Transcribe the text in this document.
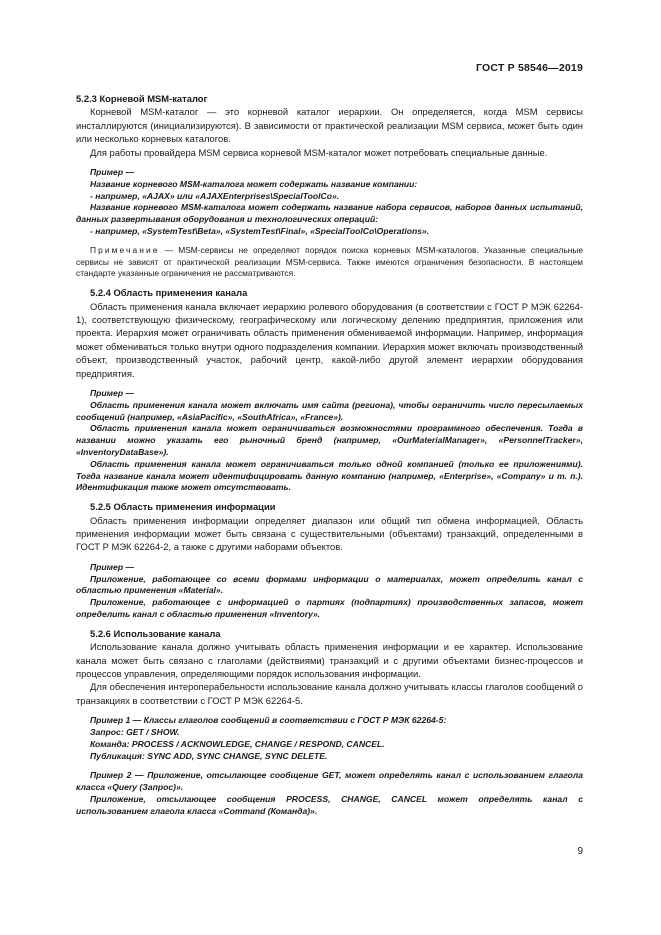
ГОСТ Р 58546—2019

5.2.3 Корневой MSM-каталог

Корневой MSM-каталог — это корневой каталог иерархии. Он определяется, когда MSM сервисы инсталлируются (инициализируются). В зависимости от практической реализации MSM сервиса, может быть один или несколько корневых каталогов.

Для работы провайдера MSM сервиса корневой MSM-каталог может потребовать специальные данные.

Пример —

Название корневого MSM-каталога может содержать название компании:

- например, «AJAX» или «AJAXEnterprises\SpecialToolCo».

Название корневого MSM-каталога может содержать название набора сервисов, наборов данных испытаний, данных развертывания оборудования и технологических операций:

- например, «SystemTest\Beta», «SystemTest\Final», «SpecialToolCo\Operations».

Примечание — MSM-сервисы не определяют порядок поиска корневых MSM-каталогов. Указанные специальные сервисы не зависят от практической реализации MSM-сервиса. Также имеются ограничения безопасности. В настоящем стандарте указанные ограничения не рассматриваются.

5.2.4 Область применения канала

Область применения канала включает иерархию ролевого оборудования (в соответствии с ГОСТ Р МЭК 62264-1), соответствующую физическому, географическому или логическому делению предприятия, приложения или проекта. Иерархия может ограничивать область применения обмениваемой информации. Например, информация может обмениваться только внутри одного подразделения компании. Иерархия может включать производственный объект, производственный участок, рабочий центр, какой-либо другой элемент иерархии оборудования предприятия.

Пример —

Область применения канала может включать имя сайта (региона), чтобы ограничить число пересылаемых сообщений (например, «AsiaPacific», «SouthAfrica», «France»).

Область применения канала может ограничиваться возможностями программного обеспечения. Тогда в названии можно указать его рыночный бренд (например, «OurMaterialManager», «PersonnelTracker», «InventoryDataBase»).

Область применения канала может ограничиваться только одной компанией (только ее приложениями). Тогда название канала может идентифицировать данную компанию (например, «Enterprise», «Company» и т. п.). Идентификация также может отсутствовать.

5.2.5 Область применения информации

Область применения информации определяет диапазон или общий тип обмена информацией. Область применения информации может быть связана с существительными (объектами) транзакций, определенными в ГОСТ Р МЭК 62264-2, а также с другими наборами объектов.

Пример —

Приложение, работающее со всеми формами информации о материалах, может определить канал с областью применения «Material».

Приложение, работающее с информацией о партиях (подпартиях) производственных запасов, может определить канал с областью применения «Inventory».

5.2.6 Использование канала

Использование канала должно учитывать область применения информации и ее характер. Использование канала может быть связано с глаголами (действиями) транзакций и с другими объектами бизнес-процессов и процессов управления, определяющими порядок использования информации.

Для обеспечения интероперабельности использование канала должно учитывать классы глаголов сообщений о транзакциях в соответствии с ГОСТ Р МЭК 62264-5.

Пример 1 — Классы глаголов сообщений в соответствии с ГОСТ Р МЭК 62264-5:

Запрос: GET / SHOW.

Команда: PROCESS / ACKNOWLEDGE, CHANGE / RESPOND, CANCEL.

Публикация: SYNC ADD, SYNC CHANGE, SYNC DELETE.

Пример 2 — Приложение, отсылающее сообщение GET, может определять канал с использованием глагола класса «Query (Запрос)».

Приложение, отсылающее сообщения PROCESS, CHANGE, CANCEL может определять канал с использованием глагола класса «Command (Команда)».

9
